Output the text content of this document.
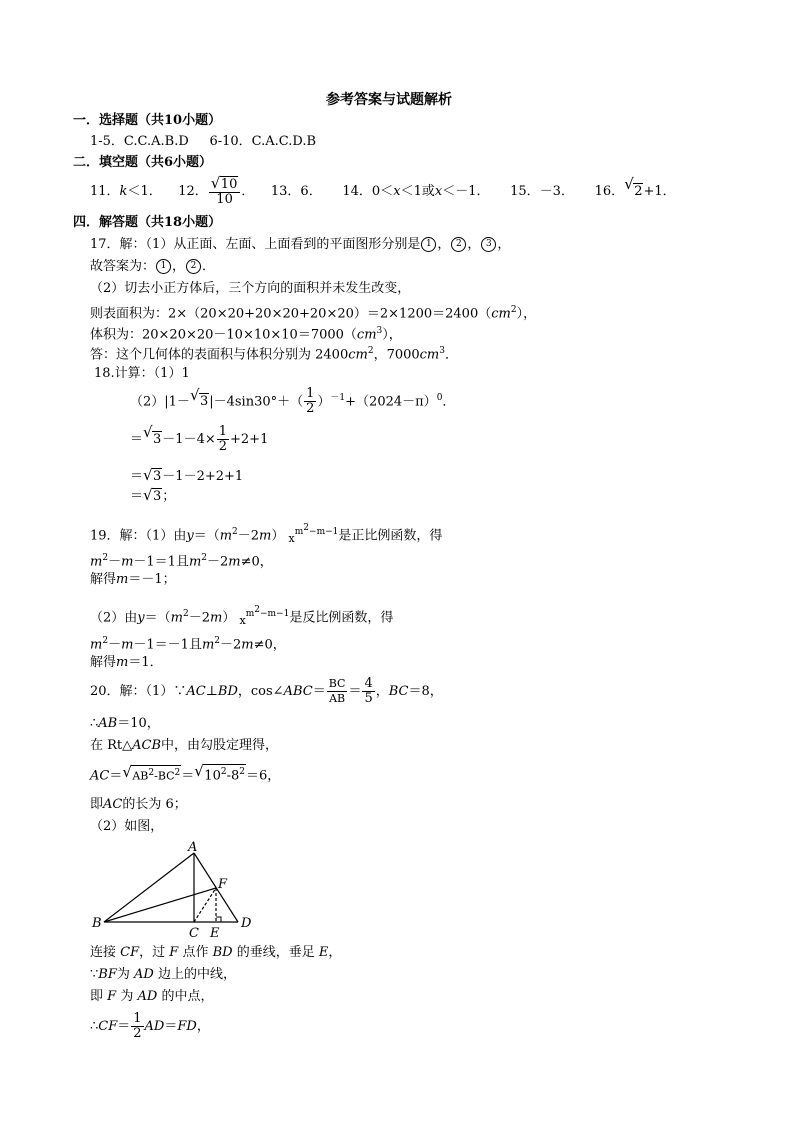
参考答案与试题解析
一．选择题（共10小题）
1-5．C.C.A.B.D     6-10．C.A.C.D.B
二．填空题（共6小题）
11．k＜1． 12． $\frac{√ 10}{10}$ ． 13．6． 14．0＜x＜1或x＜－1． 15．－3． 16． √ 2+1．
四．解答题（共18小题）
17．解：（1）从正面、左面、上面看到的平面图形分别是 1 ， 2 ， 3 ，
故答案为： 1 ， 2 ．
（2）切去小正方体后，三个方向的面积并未发生改变，
则表面积为：$2\times(20\times 20+20\times 20+20\times 20)=2\times 1200=2400(cm^2)$，
体积为：$20\times 20\times 20-10\times 10\times 10=7000(cm^3)$，
答：这个几何体的表面积与体积分别为 $2400cm^2$，$7000cm^3$．
18.计算：（1）1
（2）|1－ √ $3|-4\sin 30^\circ+( \frac{1}{2} )^{-1}+(2024-\pi)^0$．
＝ √ $3-1-4\times \frac{1}{2} +2+1$
＝ √ 3－1－2+2+1
＝ √ 3；
19．解：（1）由$y=(m^2-2m)$ $_x^{m^2-m-1}$是正比例函数，得
$m^2-m-1=1$且$m^2-2m\ne 0$，
解得m＝－1；
（2）由$y=(m^2-2m)$ $_x^{m^2-m-1}$是反比例函数，得
$m^2-m-1=-1$且$m^2-2m\ne 0$，
解得m＝1．
20．解：（1）∵AC⊥BD，cos∠ABC＝ $\frac{BC}{AB} = \frac{4}{5}$ ，BC＝8，
∴AB＝10，
在 Rt△ACB中，由勾股定理得，
AC＝ √ $AB^2-BC^2=$ √ $10^2-8^2=6$，
即AC的长为 6；
（2）如图，
A
B
C
D
E
F
连接 CF，过 F 点作 BD 的垂线，垂足 E，
∵BF为 AD 边上的中线，
即 F 为 AD 的中点，
∴CF＝ $\frac{1}{2} AD=FD$，
